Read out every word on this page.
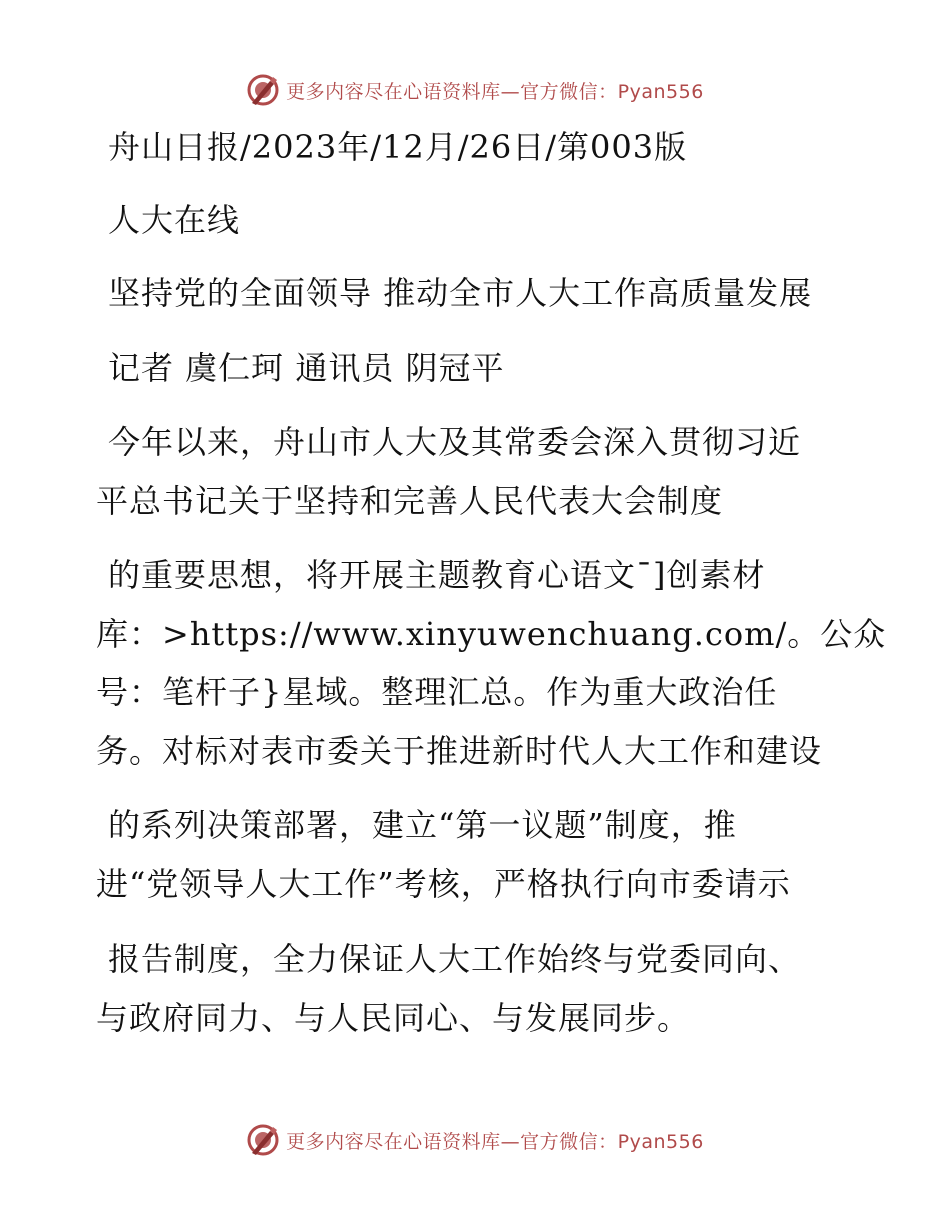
更多内容尽在心语资料库—官方微信：Pyan556
舟山日报/2023年/12月/26日/第003版
人大在线
坚持党的全面领导 推动全市人大工作高质量发展
记者 虞仁珂 通讯员 阴冠平
今年以来，舟山市人大及其常委会深入贯彻习近
平总书记关于坚持和完善人民代表大会制度
的重要思想，将开展主题教育心语文¯]创素材
库：>https://www.xinyuwenchuang.com/。公众
号：笔杆子}星域。整理汇总。作为重大政治任
务。对标对表市委关于推进新时代人大工作和建设
的系列决策部署，建立“第一议题”制度，推
进“党领导人大工作”考核，严格执行向市委请示
报告制度，全力保证人大工作始终与党委同向、
与政府同力、与人民同心、与发展同步。
更多内容尽在心语资料库—官方微信：Pyan556
